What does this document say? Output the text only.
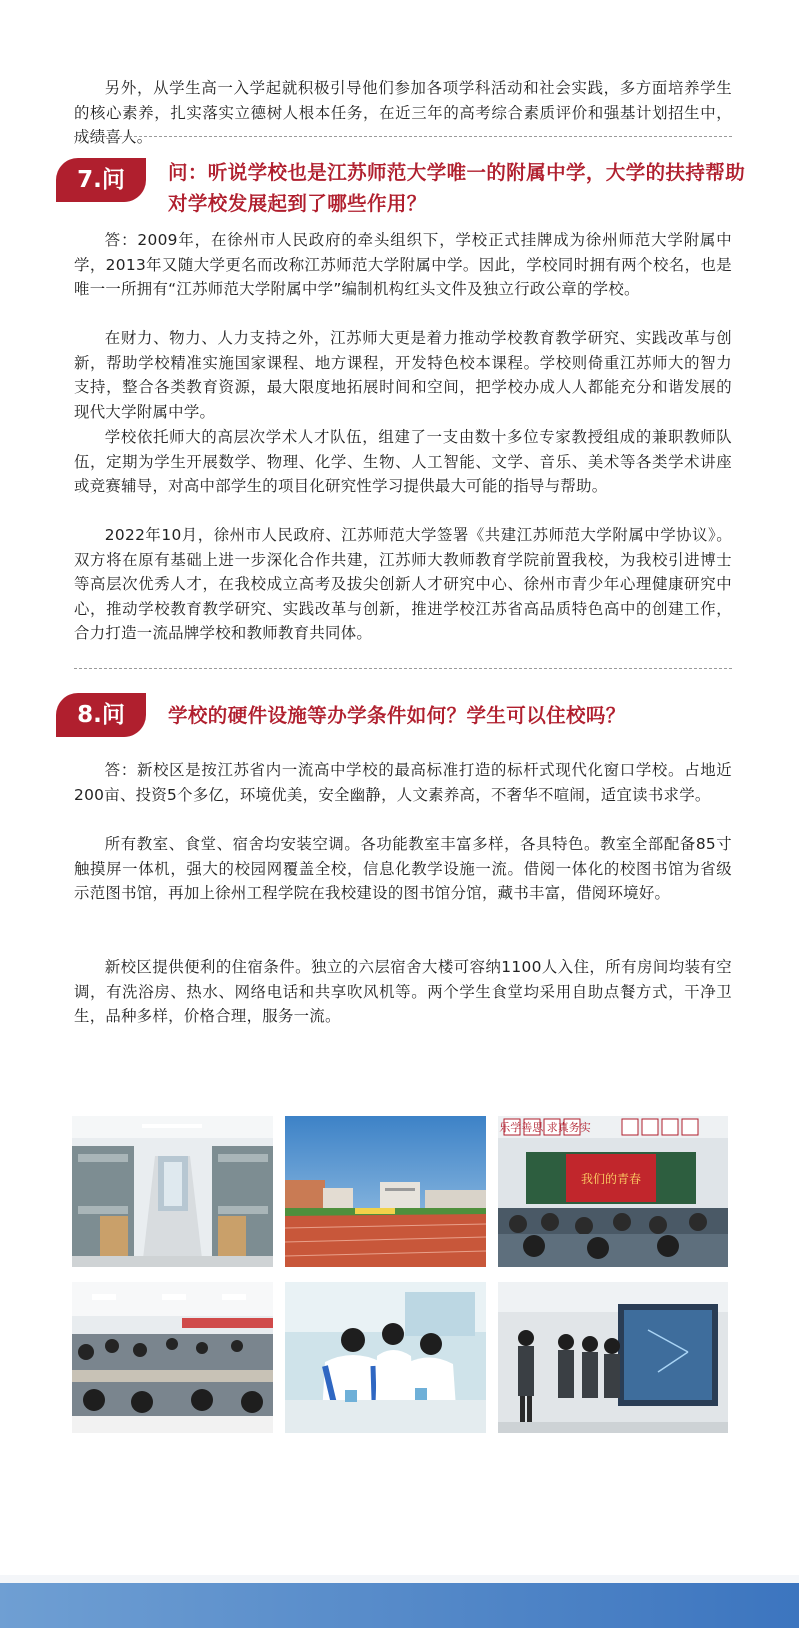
另外，从学生高一入学起就积极引导他们参加各项学科活动和社会实践，多方面培养学生的核心素养，扎实落实立德树人根本任务，在近三年的高考综合素质评价和强基计划招生中，成绩喜人。

7.问	问：听说学校也是江苏师范大学唯一的附属中学，大学的扶持帮助对学校发展起到了哪些作用？

答：2009年，在徐州市人民政府的牵头组织下，学校正式挂牌成为徐州师范大学附属中学，2013年又随大学更名而改称江苏师范大学附属中学。因此，学校同时拥有两个校名，也是唯一一所拥有“江苏师范大学附属中学”编制机构红头文件及独立行政公章的学校。

在财力、物力、人力支持之外，江苏师大更是着力推动学校教育教学研究、实践改革与创新，帮助学校精准实施国家课程、地方课程，开发特色校本课程。学校则倚重江苏师大的智力支持，整合各类教育资源，最大限度地拓展时间和空间，把学校办成人人都能充分和谐发展的现代大学附属中学。

学校依托师大的高层次学术人才队伍，组建了一支由数十多位专家教授组成的兼职教师队伍，定期为学生开展数学、物理、化学、生物、人工智能、文学、音乐、美术等各类学术讲座或竞赛辅导，对高中部学生的项目化研究性学习提供最大可能的指导与帮助。

2022年10月，徐州市人民政府、江苏师范大学签署《共建江苏师范大学附属中学协议》。双方将在原有基础上进一步深化合作共建，江苏师大教师教育学院前置我校，为我校引进博士等高层次优秀人才，在我校成立高考及拔尖创新人才研究中心、徐州市青少年心理健康研究中心，推动学校教育教学研究、实践改革与创新，推进学校江苏省高品质特色高中的创建工作，合力打造一流品牌学校和教师教育共同体。

8.问	学校的硬件设施等办学条件如何？学生可以住校吗？

答：新校区是按江苏省内一流高中学校的最高标准打造的标杆式现代化窗口学校。占地近200亩、投资5个多亿，环境优美，安全幽静，人文素养高，不奢华不喧闹，适宜读书求学。

所有教室、食堂、宿舍均安装空调。各功能教室丰富多样，各具特色。教室全部配备85寸触摸屏一体机，强大的校园网覆盖全校，信息化教学设施一流。借阅一体化的校图书馆为省级示范图书馆，再加上徐州工程学院在我校建设的图书馆分馆，藏书丰富，借阅环境好。

新校区提供便利的住宿条件。独立的六层宿舍大楼可容纳1100人入住，所有房间均装有空调，有洗浴房、热水、网络电话和共享吹风机等。两个学生食堂均采用自助点餐方式，干净卫生，品种多样，价格合理，服务一流。

乐学善思 求真务实
我们的青春
